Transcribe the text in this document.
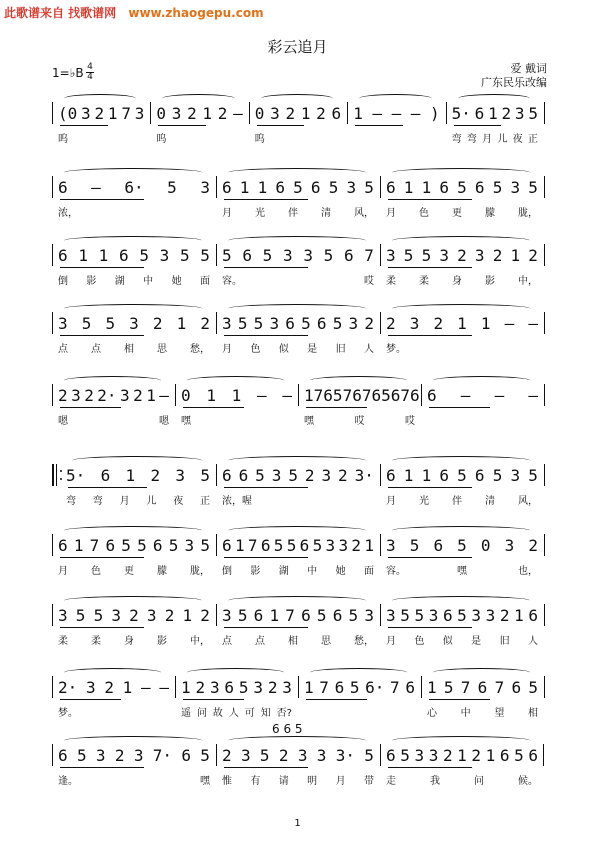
此歌谱来自 找歌谱网 www.zhaogepu.com
彩云追月
爱 戴词
广东民乐改编
1=♭B 4
4
(0 3 2 1 7 3
呜
0 3 2 1 2 –
呜
0 3 2 1 2 6
呜
1 – – – ) 5· 6 1 2 3 5
弯 弯 月 儿 夜 正
6 – 6· 5 3
浓，
6 1 1 6 5 6 5 3 5
月 光 伴 清 风，
6 1 1 6 5 6 5 3 5
月 色 更 朦 胧，
6 1 1 6 5 3 5 5
倒 影 湖 中 她 面
5 6 5 3 3 5 6 7
容。	哎
3 5 5 3 2 3 2 1 2
柔 柔 身 影 中，
3 5 5 3 2 1 2
点 点 相 思 愁，
3 5 5 3 6 5 6 5 3 2
月 色 似 是 旧 人
2 3 2 1 1 – –
梦。
2 3 2 2· 3 2 1 –
嗯	嗯
0 1 1 – –
嘿
1 7 6 5 7 6 7 6 5 6 7 6
嘿	哎	哎
6 – – –
5· 6 1 2 3 5
弯 弯 月 儿 夜 正
6 6 5 3 5 2 3 2 3·
浓，喔
6 1 1 6 5 6 5 3 5
月 光 伴 清 风，
6 1 7 6 5 5 6 5 3 5
月 色 更 朦 胧，
6 1 7 6 5 5 6 5 3 3 2 1
倒 影 湖 中 她 面
3 5 6 5 0 3 2
容。	嘿	也，
3 5 5 3 2 3 2 1 2
柔 柔 身 影 中，
3 5 6 1 7 6 5 6 5 3
点 点 相 思 愁，
3 5 5 3 6 5 3 3 2 1 6
月 色 似 是 旧 人
2· 3 2 1 – –
梦。
1 2 3 6 5 3 2 3
遥 问 故 人 可 知 否?
1 7 6 5 6· 7 6 1 5 7 6 7 6 5
心 中 望 相
6 5 3 2 3 7· 6 5
逢。	嘿
2 3 5 2 3 3 3· 5
惟 有 请 明 月 带
6 5 3 3 2 1 2 1 6 5 6
走	我	问	候。
6 6 5
1
